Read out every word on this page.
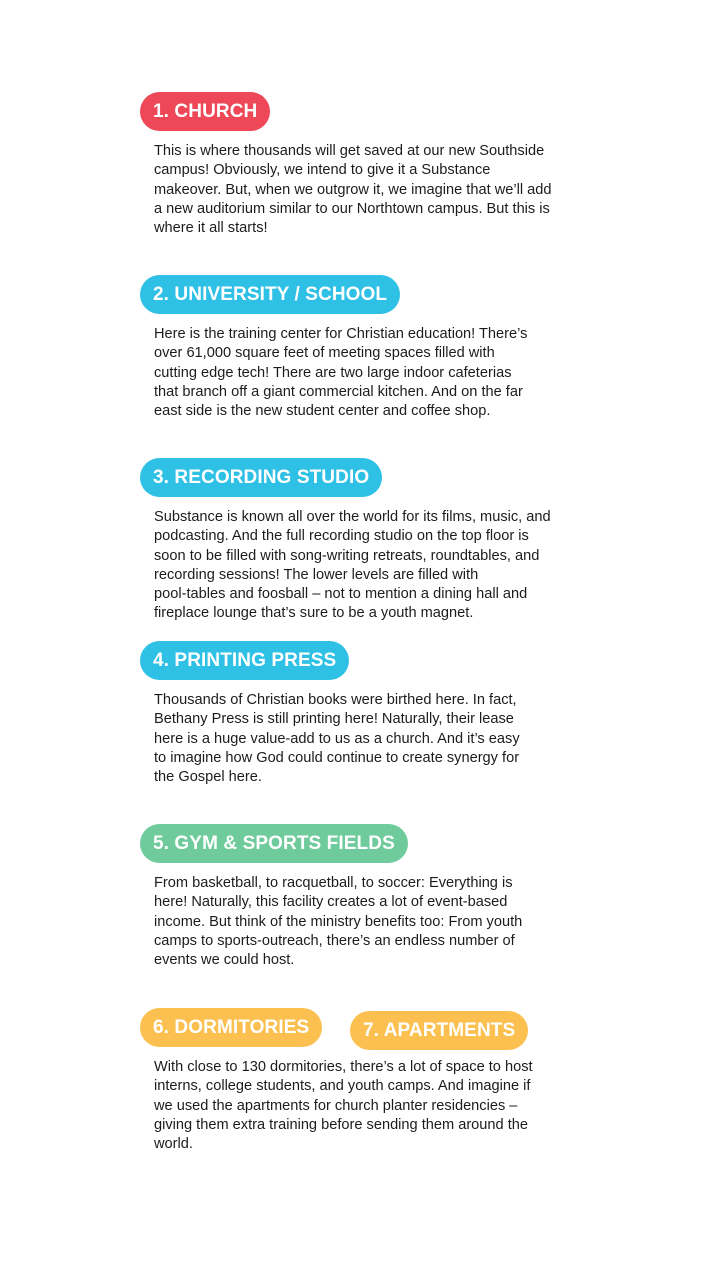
1. CHURCH
This is where thousands will get saved at our new Southside
campus! Obviously, we intend to give it a Substance
makeover. But, when we outgrow it, we imagine that we’ll add
a new auditorium similar to our Northtown campus. But this is
where it all starts!
2. UNIVERSITY / SCHOOL
Here is the training center for Christian education! There’s
over 61,000 square feet of meeting spaces filled with
cutting edge tech! There are two large indoor cafeterias
that branch off a giant commercial kitchen. And on the far
east side is the new student center and coffee shop.
3. RECORDING STUDIO
Substance is known all over the world for its films, music, and
podcasting. And the full recording studio on the top floor is
soon to be filled with song-writing retreats, roundtables, and
recording sessions! The lower levels are filled with
pool-tables and foosball – not to mention a dining hall and
fireplace lounge that’s sure to be a youth magnet.
4. PRINTING PRESS
Thousands of Christian books were birthed here. In fact,
Bethany Press is still printing here! Naturally, their lease
here is a huge value-add to us as a church. And it’s easy
to imagine how God could continue to create synergy for
the Gospel here.
5. GYM & SPORTS FIELDS
From basketball, to racquetball, to soccer: Everything is
here! Naturally, this facility creates a lot of event-based
income. But think of the ministry benefits too: From youth
camps to sports-outreach, there’s an endless number of
events we could host.
6. DORMITORIES	7. APARTMENTS
With close to 130 dormitories, there’s a lot of space to host
interns, college students, and youth camps. And imagine if
we used the apartments for church planter residencies –
giving them extra training before sending them around the
world.
